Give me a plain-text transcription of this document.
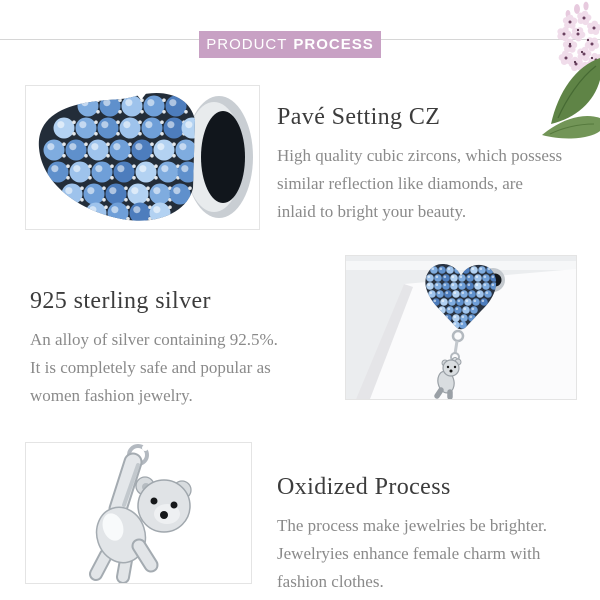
PRODUCT PROCESS
Pavé Setting CZ
High quality cubic zircons, which possess
similar reflection like diamonds, are
inlaid to bright your beauty.
925 sterling silver
An alloy of silver containing 92.5%.
It is completely safe and popular as
women fashion jewelry.
Oxidized Process
The process make jewelries be brighter.
Jewelryies enhance female charm with
fashion clothes.
